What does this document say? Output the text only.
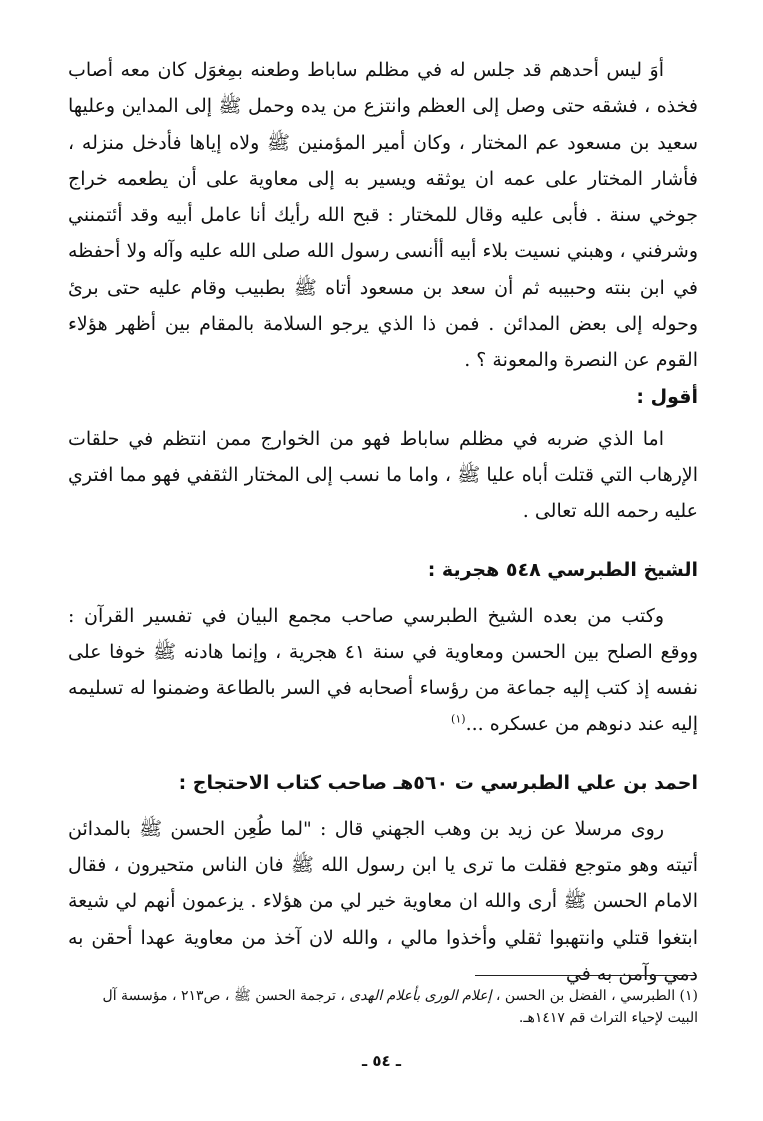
أوَ ليس أحدهم قد جلس له في مظلم ساباط وطعنه بمِغوَل كان معه أصاب فخذه ، فشقه حتى وصل إلى العظم وانتزع من يده وحمل ﷺ إلى المداين وعليها سعيد بن مسعود عم المختار ، وكان أمير المؤمنين ﷺ ولاه إياها فأدخل منزله ، فأشار المختار على عمه ان يوثقه ويسير به إلى معاوية على أن يطعمه خراج جوخي سنة . فأبى عليه وقال للمختار : قبح الله رأيك أنا عامل أبيه وقد أئتمنني وشرفني ، وهبني نسيت بلاء أبيه أأنسى رسول الله صلى الله عليه وآله ولا أحفظه في ابن بنته وحبيبه ثم أن سعد بن مسعود أتاه ﷺ بطبيب وقام عليه حتى برئ وحوله إلى بعض المدائن . فمن ذا الذي يرجو السلامة بالمقام بين أظهر هؤلاء القوم عن النصرة والمعونة ؟ .

أقول :

اما الذي ضربه في مظلم ساباط فهو من الخوارج ممن انتظم في حلقات الإرهاب التي قتلت أباه عليا ﷺ ، واما ما نسب إلى المختار الثقفي فهو مما افتري عليه رحمه الله تعالى .

الشيخ الطبرسي ٥٤٨ هجرية :

وكتب من بعده الشيخ الطبرسي صاحب مجمع البيان في تفسير القرآن : ووقع الصلح بين الحسن ومعاوية في سنة ٤١ هجرية ، وإنما هادنه ﷺ خوفا على نفسه إذ كتب إليه جماعة من رؤساء أصحابه في السر بالطاعة وضمنوا له تسليمه إليه عند دنوهم من عسكره ...$^{(١)}$

احمد بن علي الطبرسي ت ٥٦٠هـ صاحب كتاب الاحتجاج :

روى مرسلا عن زيد بن وهب الجهني قال : "لما طُعِن الحسن ﷺ بالمدائن أتيته وهو متوجع فقلت ما ترى يا ابن رسول الله ﷺ فان الناس متحيرون ، فقال الامام الحسن ﷺ أرى والله ان معاوية خير لي من هؤلاء . يزعمون أنهم لي شيعة ابتغوا قتلي وانتهبوا ثقلي وأخذوا مالي ، والله لان آخذ من معاوية عهدا أحقن به دمي وآمن به في

(١) الطبرسي ، الفضل بن الحسن ، إعلام الورى بأعلام الهدى ، ترجمة الحسن ﷺ ، ص٢١٣ ، مؤسسة آل البيت لإحياء التراث قم ١٤١٧هـ.

ـ ٥٤ ـ
